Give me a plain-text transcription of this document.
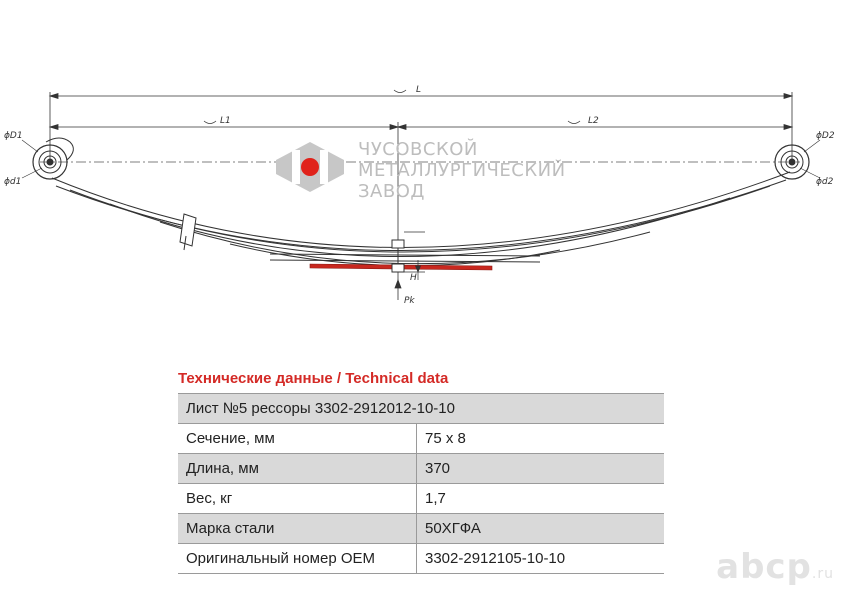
L
L1	L2
H
Pk
ϕD1
ϕd1
ϕD2
ϕd2
ЧУСОВСКОЙ
МЕТАЛЛУРГИЧЕСКИЙ
ЗАВОД
Технические данные / Technical data
Лист №5 рессоры 3302-2912012-10-10	
Сечение, мм	75 x 8
Длина, мм	370
Вес, кг	1,7
Марка стали	50ХГФА
Оригинальный номер OEM	3302-2912105-10-10	abcp.ru
